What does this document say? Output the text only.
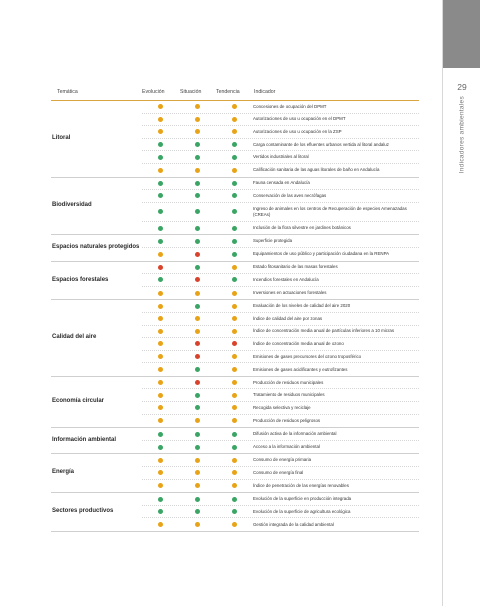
29
Indicadores ambientales
Temática	Evolución	Situación	Tendencia	Indicador
Litoral
Concesiones de ocupación del DPMT
Autorizaciones de uso u ocupación en el DPMT
Autorizaciones de uso u ocupación en la ZSP
Carga contaminante de los efluentes urbanos vertida al litoral andaluz
Vertidos industriales al litoral
Calificación sanitaria de las aguas litorales de baño en Andalucía
Biodiversidad
Fauna censada en Andalucía
Conservación de las aves necrófagas
Ingreso de animales en los centros de Recuperación de especies Amenazadas (CREAs)
Inclusión de la flora silvestre en jardines botánicos
Espacios naturales protegidos
Superficie protegida
Equipamientos de uso público y participación ciudadana en la RENPA
Espacios forestales
Estado fitosanitario de las masas forestales
Incendios forestales en Andalucía
Inversiones en actuaciones forestales
Calidad del aire
Evaluación de los niveles de calidad del aire 2020
Índice de calidad del aire por zonas
Índice de concentración media anual de partículas inferiores a 10 micras
Índice de concentración media anual de ozono
Emisiones de gases precursores del ozono troposférico
Emisiones de gases acidificantes y eutrofizantes
Economía circular
Producción de residuos municipales
Tratamiento de residuos municipales
Recogida selectiva y reciclaje
Producción de residuos peligrosos
Información ambiental
Difusión activa de la información ambiental
Acceso a la información ambiental
Energía
Consumo de energía primaria
Consumo de energía final
Índice de penetración de las energías renovables
Sectores productivos
Evolución de la superficie en producción integrada
Evolución de la superficie de agricultura ecológica
Gestión integrada de la calidad ambiental
